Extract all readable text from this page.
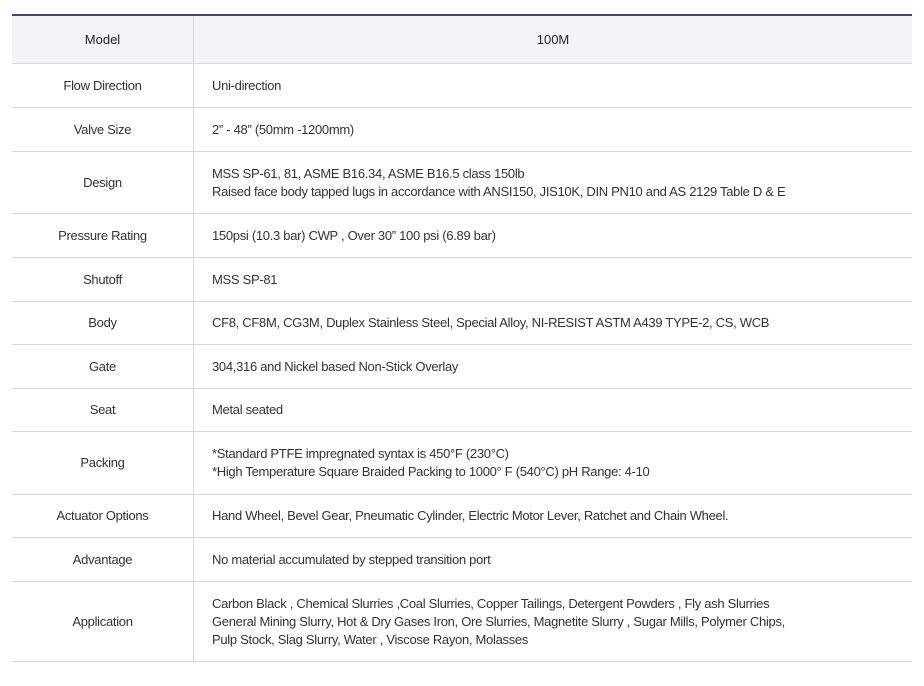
Model	100M
Flow Direction	Uni-direction

Valve Size	2” - 48” (50mm -1200mm)

Design	MSS SP-61, 81, ASME B16.34, ASME B16.5 class 150lb
Raised face body tapped lugs in accordance with ANSI150, JIS10K, DIN PN10 and AS 2129 Table D & E

Pressure Rating	150psi (10.3 bar) CWP , Over 30” 100 psi (6.89 bar)

Shutoff	MSS SP-81

Body	CF8, CF8M, CG3M, Duplex Stainless Steel, Special Alloy, NI-RESIST ASTM A439 TYPE-2, CS, WCB

Gate	304,316 and Nickel based Non-Stick Overlay

Seat	Metal seated

Packing	*Standard PTFE impregnated syntax is 450°F (230°C)
*High Temperature Square Braided Packing to 1000° F (540°C) pH Range: 4-10

Actuator Options	Hand Wheel, Bevel Gear, Pneumatic Cylinder, Electric Motor Lever, Ratchet and Chain Wheel.

Advantage	No material accumulated by stepped transition port

Application	Carbon Black , Chemical Slurries ,Coal Slurries, Copper Tailings, Detergent Powders , Fly ash Slurries
General Mining Slurry, Hot & Dry Gases Iron, Ore Slurries, Magnetite Slurry , Sugar Mills, Polymer Chips,
Pulp Stock, Slag Slurry, Water , Viscose Rayon, Molasses
